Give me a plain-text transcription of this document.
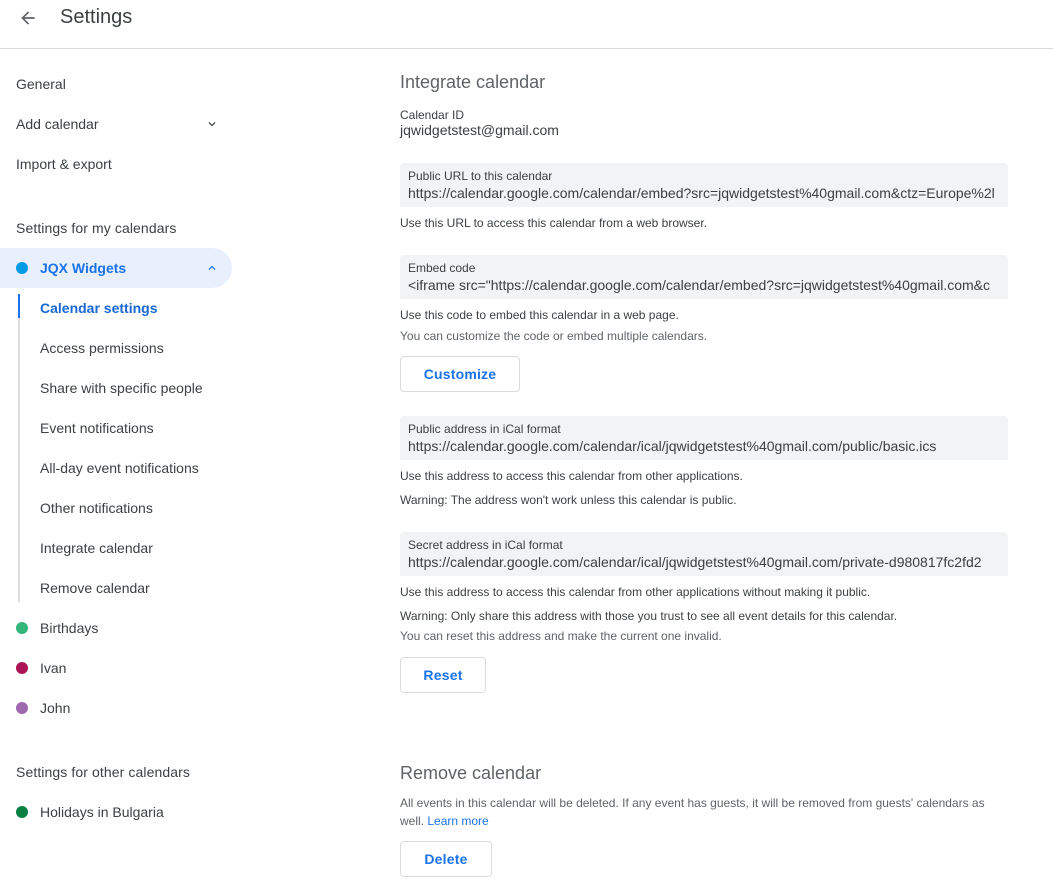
Settings
General
Add calendar
Import & export
Settings for my calendars
JQX Widgets
Calendar settings
Access permissions
Share with specific people
Event notifications
All-day event notifications
Other notifications
Integrate calendar
Remove calendar
Birthdays
Ivan
John
Settings for other calendars
Holidays in Bulgaria
Integrate calendar
Calendar ID
jqwidgetstest@gmail.com
Public URL to this calendar
https://calendar.google.com/calendar/embed?src=jqwidgetstest%40gmail.com&ctz=Europe%2l
Use this URL to access this calendar from a web browser.
Embed code
<iframe src="https://calendar.google.com/calendar/embed?src=jqwidgetstest%40gmail.com&c
Use this code to embed this calendar in a web page.
You can customize the code or embed multiple calendars.
Customize
Public address in iCal format
https://calendar.google.com/calendar/ical/jqwidgetstest%40gmail.com/public/basic.ics
Use this address to access this calendar from other applications.
Warning: The address won't work unless this calendar is public.
Secret address in iCal format
https://calendar.google.com/calendar/ical/jqwidgetstest%40gmail.com/private-d980817fc2fd2
Use this address to access this calendar from other applications without making it public.
Warning: Only share this address with those you trust to see all event details for this calendar.
You can reset this address and make the current one invalid.
Reset
Remove calendar
All events in this calendar will be deleted. If any event has guests, it will be removed from guests' calendars as
well. Learn more
Delete
